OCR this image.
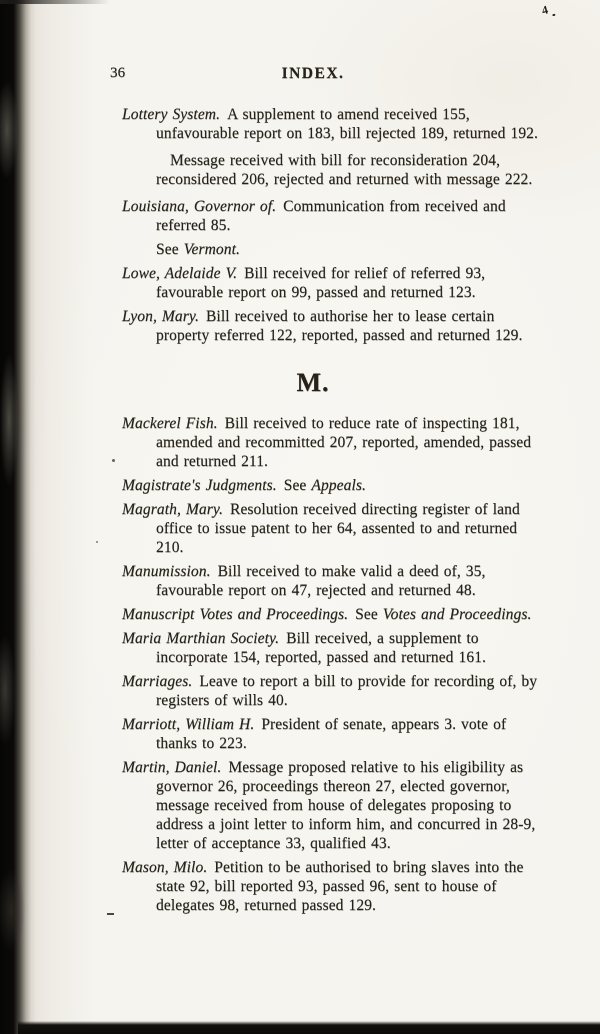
4
36	INDEX.

Lottery System. A supplement to amend received 155, unfavourable report on 183, bill rejected 189, returned 192.

Message received with bill for reconsideration 204, reconsidered 206, rejected and returned with message 222.

Louisiana, Governor of. Communication from received and referred 85.

See Vermont.

Lowe, Adelaide V. Bill received for relief of referred 93, favourable report on 99, passed and returned 123.

Lyon, Mary. Bill received to authorise her to lease certain property referred 122, reported, passed and returned 129.

M.

Mackerel Fish. Bill received to reduce rate of inspecting 181, amended and recommitted 207, reported, amended, passed and returned 211.

Magistrate's Judgments. See Appeals.

Magrath, Mary. Resolution received directing register of land office to issue patent to her 64, assented to and returned 210.

Manumission. Bill received to make valid a deed of, 35, favourable report on 47, rejected and returned 48.

Manuscript Votes and Proceedings. See Votes and Proceedings.

Maria Marthian Society. Bill received, a supplement to incorporate 154, reported, passed and returned 161.

Marriages. Leave to report a bill to provide for recording of, by registers of wills 40.

Marriott, William H. President of senate, appears 3. vote of thanks to 223.

Martin, Daniel. Message proposed relative to his eligibility as governor 26, proceedings thereon 27, elected governor, message received from house of delegates proposing to address a joint letter to inform him, and concurred in 28-9, letter of acceptance 33, qualified 43.

Mason, Milo. Petition to be authorised to bring slaves into the state 92, bill reported 93, passed 96, sent to house of delegates 98, returned passed 129.
